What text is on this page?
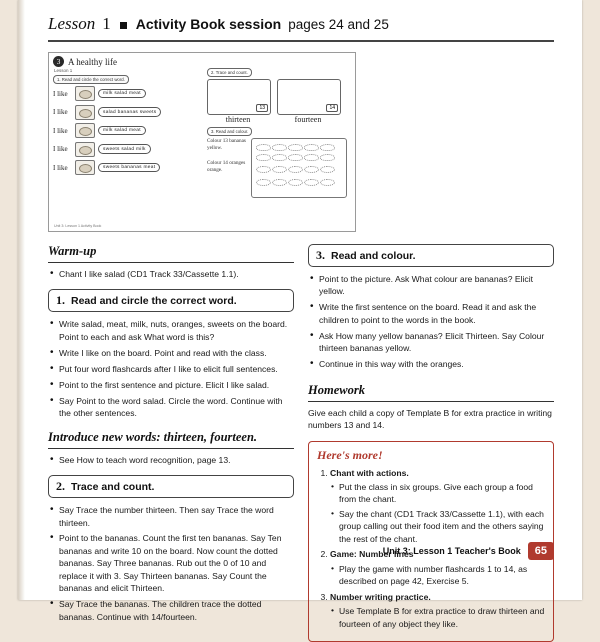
Lesson 1 Activity Book session pages 24 and 25
3 A healthy life
Lesson 1
1. Read and circle the correct word.
I like	milk salad meat
I like	salad bananas sweets
I like	milk salad meat
I like	sweets salad milk
I like	sweets bananas meat
2. Trace and count.
13
thirteen
14
fourteen
3. Read and colour.
Colour 13 bananas yellow.
Colour 14 oranges orange.
Unit 3: Lesson 1 Activity Book
Warm-up
• Chant I like salad (CD1 Track 33/Cassette 1.1).
1. Read and circle the correct word.
• Write salad, meat, milk, nuts, oranges, sweets on the board. Point to each and ask What word is this?
• Write I like on the board. Point and read with the class.
• Put four word flashcards after I like to elicit full sentences.
• Point to the first sentence and picture. Elicit I like salad.
• Say Point to the word salad. Circle the word. Continue with the other sentences.
Introduce new words: thirteen, fourteen.
• See How to teach word recognition, page 13.
2. Trace and count.
• Say Trace the number thirteen. Then say Trace the word thirteen.
• Point to the bananas. Count the first ten bananas. Say Ten bananas and write 10 on the board. Now count the dotted bananas. Say Three bananas. Rub out the 0 of 10 and replace it with 3. Say Thirteen bananas. Say Count the bananas and elicit Thirteen.
• Say Trace the bananas. The children trace the dotted bananas. Continue with 14/fourteen.
3. Read and colour.
• Point to the picture. Ask What colour are bananas? Elicit yellow.
• Write the first sentence on the board. Read it and ask the children to point to the words in the book.
• Ask How many yellow bananas? Elicit Thirteen. Say Colour thirteen bananas yellow.
• Continue in this way with the oranges.
Homework

Give each child a copy of Template B for extra practice in writing numbers 13 and 14.

Here's more!
1. Chant with actions.
• Put the class in six groups. Give each group a food from the chant.
• Say the chant (CD1 Track 33/Cassette 1.1), with each group calling out their food item and the others saying the rest of the chant.
2. Game: Number lines
• Play the game with number flashcards 1 to 14, as described on page 42, Exercise 5.
3. Number writing practice.
• Use Template B for extra practice to draw thirteen and fourteen of any object they like.
Unit 3: Lesson 1 Teacher's Book	65
